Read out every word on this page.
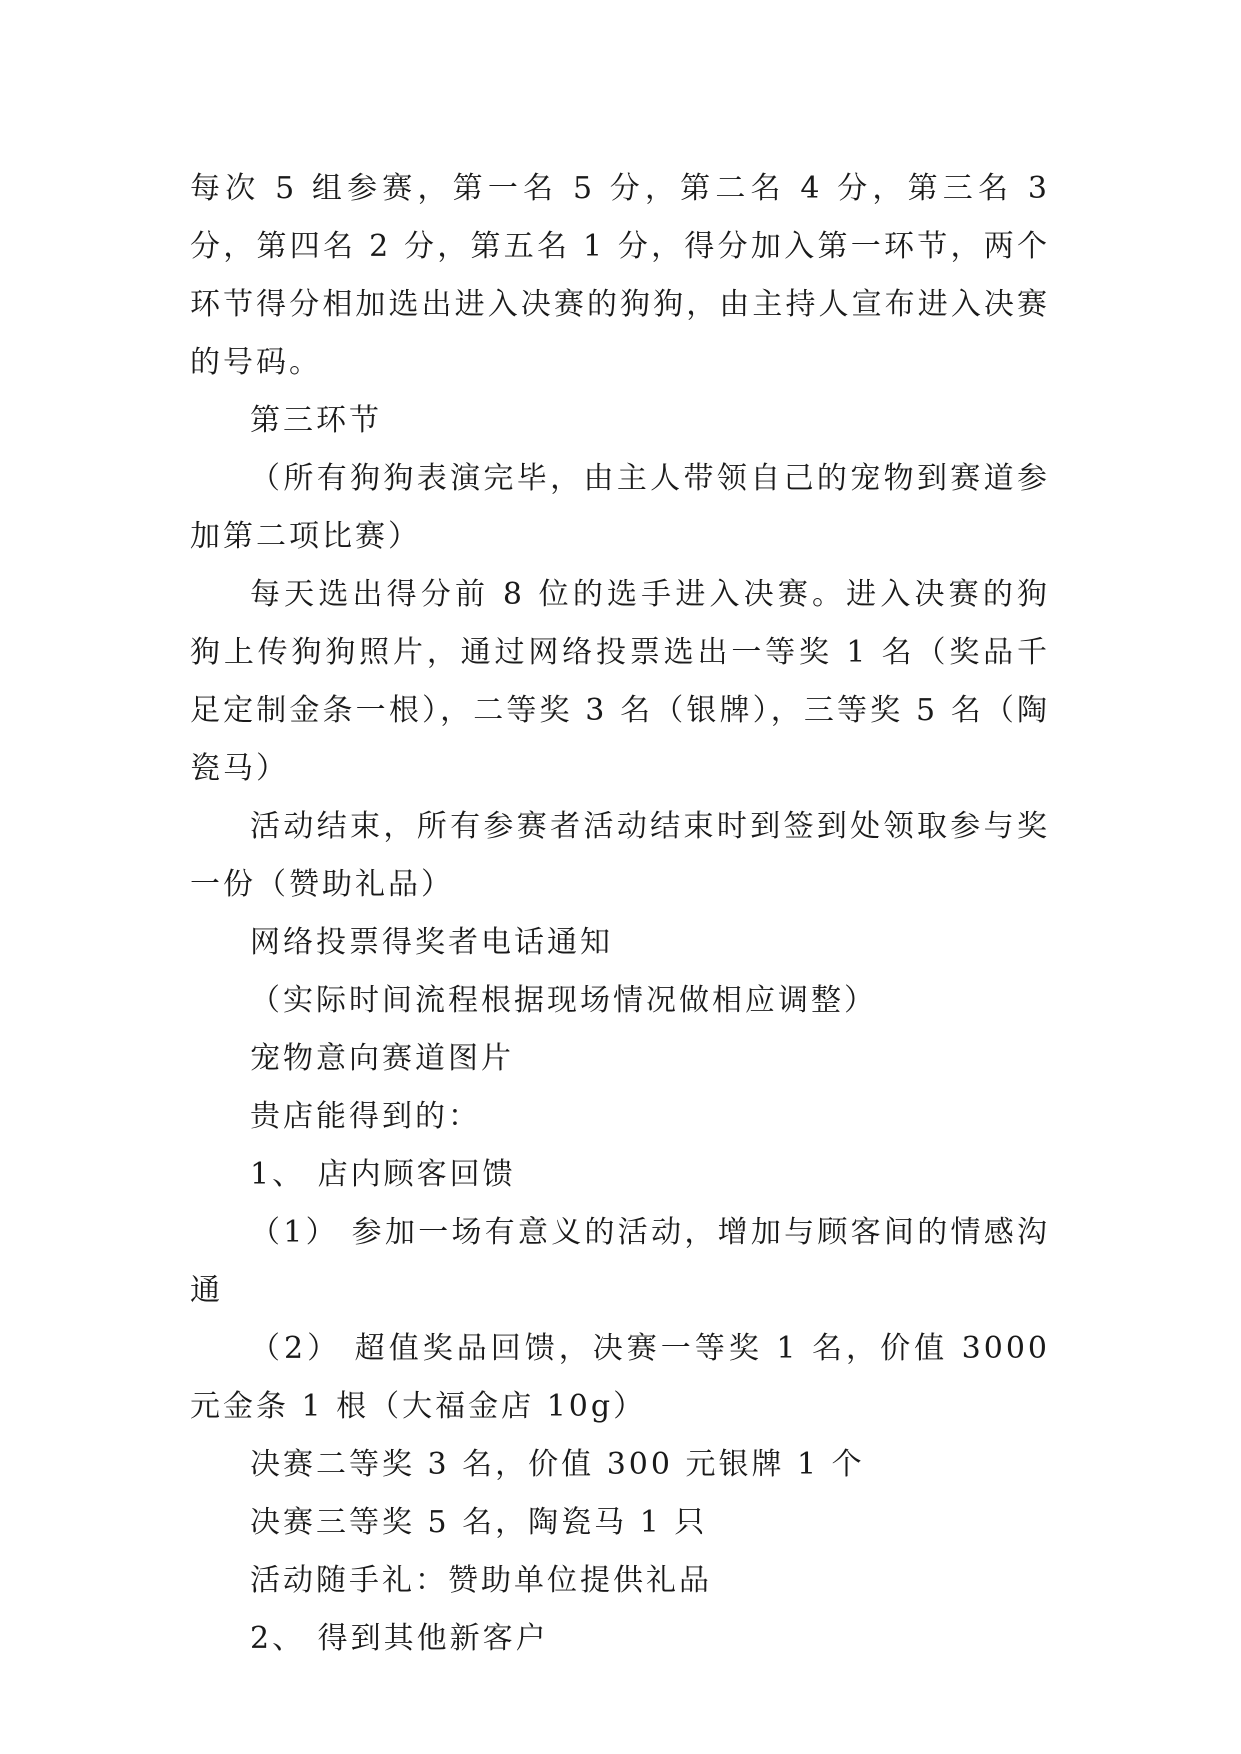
每次 5 组参赛，第一名 5 分，第二名 4 分，第三名 3 分，第四名 2 分，第五名 1 分，得分加入第一环节，两个环节得分相加选出进入决赛的狗狗，由主持人宣布进入决赛的号码。

第三环节

（所有狗狗表演完毕，由主人带领自己的宠物到赛道参加第二项比赛）

每天选出得分前 8 位的选手进入决赛。进入决赛的狗狗上传狗狗照片，通过网络投票选出一等奖 1 名（奖品千足定制金条一根），二等奖 3 名（银牌），三等奖 5 名（陶瓷马）

活动结束，所有参赛者活动结束时到签到处领取参与奖一份（赞助礼品）

网络投票得奖者电话通知

（实际时间流程根据现场情况做相应调整）

宠物意向赛道图片

贵店能得到的：

1、 店内顾客回馈

（1） 参加一场有意义的活动，增加与顾客间的情感沟通

（2） 超值奖品回馈，决赛一等奖 1 名，价值 3000 元金条 1 根（大福金店 10g）

决赛二等奖 3 名，价值 300 元银牌 1 个

决赛三等奖 5 名，陶瓷马 1 只

活动随手礼：赞助单位提供礼品

2、 得到其他新客户
